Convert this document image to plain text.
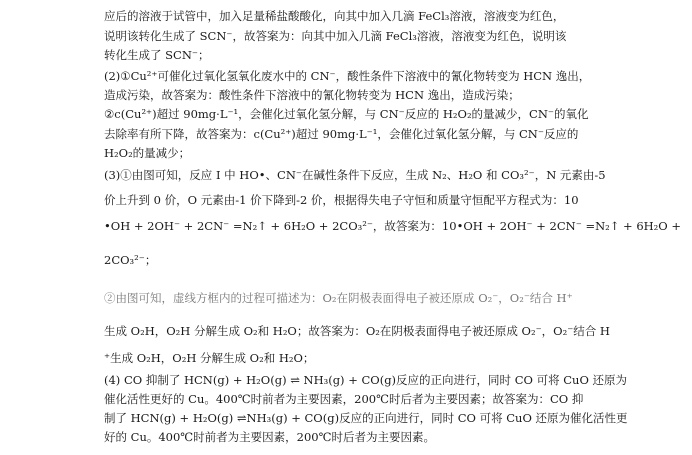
应后的溶液于试管中，加入足量稀盐酸酸化，向其中加入几滴 FeCl₃溶液，溶液变为红色，
说明该转化生成了 SCN⁻，故答案为：向其中加入几滴 FeCl₃溶液，溶液变为红色，说明该
转化生成了 SCN⁻；
(2)①Cu²⁺可催化过氧化氢氧化废水中的 CN⁻，酸性条件下溶液中的氰化物转变为 HCN 逸出，
造成污染，故答案为：酸性条件下溶液中的氰化物转变为 HCN 逸出，造成污染；
②c(Cu²⁺)超过 90mg·L⁻¹，会催化过氧化氢分解，与 CN⁻反应的 H₂O₂的量减少，CN⁻的氧化
去除率有所下降，故答案为：c(Cu²⁺)超过 90mg·L⁻¹，会催化过氧化氢分解，与 CN⁻反应的
H₂O₂的量减少；
(3)①由图可知，反应 I 中 HO•、CN⁻在碱性条件下反应，生成 N₂、H₂O 和 CO₃²⁻，N 元素由-5
价上升到 0 价，O 元素由-1 价下降到-2 价，根据得失电子守恒和质量守恒配平方程式为：10
•OH + 2OH⁻ + 2CN⁻ =N₂↑ + 6H₂O + 2CO₃²⁻，故答案为：10•OH + 2OH⁻ + 2CN⁻ =N₂↑ + 6H₂O +
2CO₃²⁻；
②由图可知，虚线方框内的过程可描述为：O₂在阴极表面得电子被还原成 O₂⁻，O₂⁻结合 H⁺
生成 O₂H，O₂H 分解生成 O₂和 H₂O；故答案为：O₂在阴极表面得电子被还原成 O₂⁻，O₂⁻结合 H
⁺生成 O₂H，O₂H 分解生成 O₂和 H₂O；
(4) CO 抑制了 HCN(g) + H₂O(g) ⇌ NH₃(g) + CO(g)反应的正向进行，同时 CO 可将 CuO 还原为
催化活性更好的 Cu。400℃时前者为主要因素，200℃时后者为主要因素；故答案为：CO 抑
制了 HCN(g) + H₂O(g) ⇌NH₃(g) + CO(g)反应的正向进行，同时 CO 可将 CuO 还原为催化活性更
好的 Cu。400℃时前者为主要因素，200℃时后者为主要因素。
